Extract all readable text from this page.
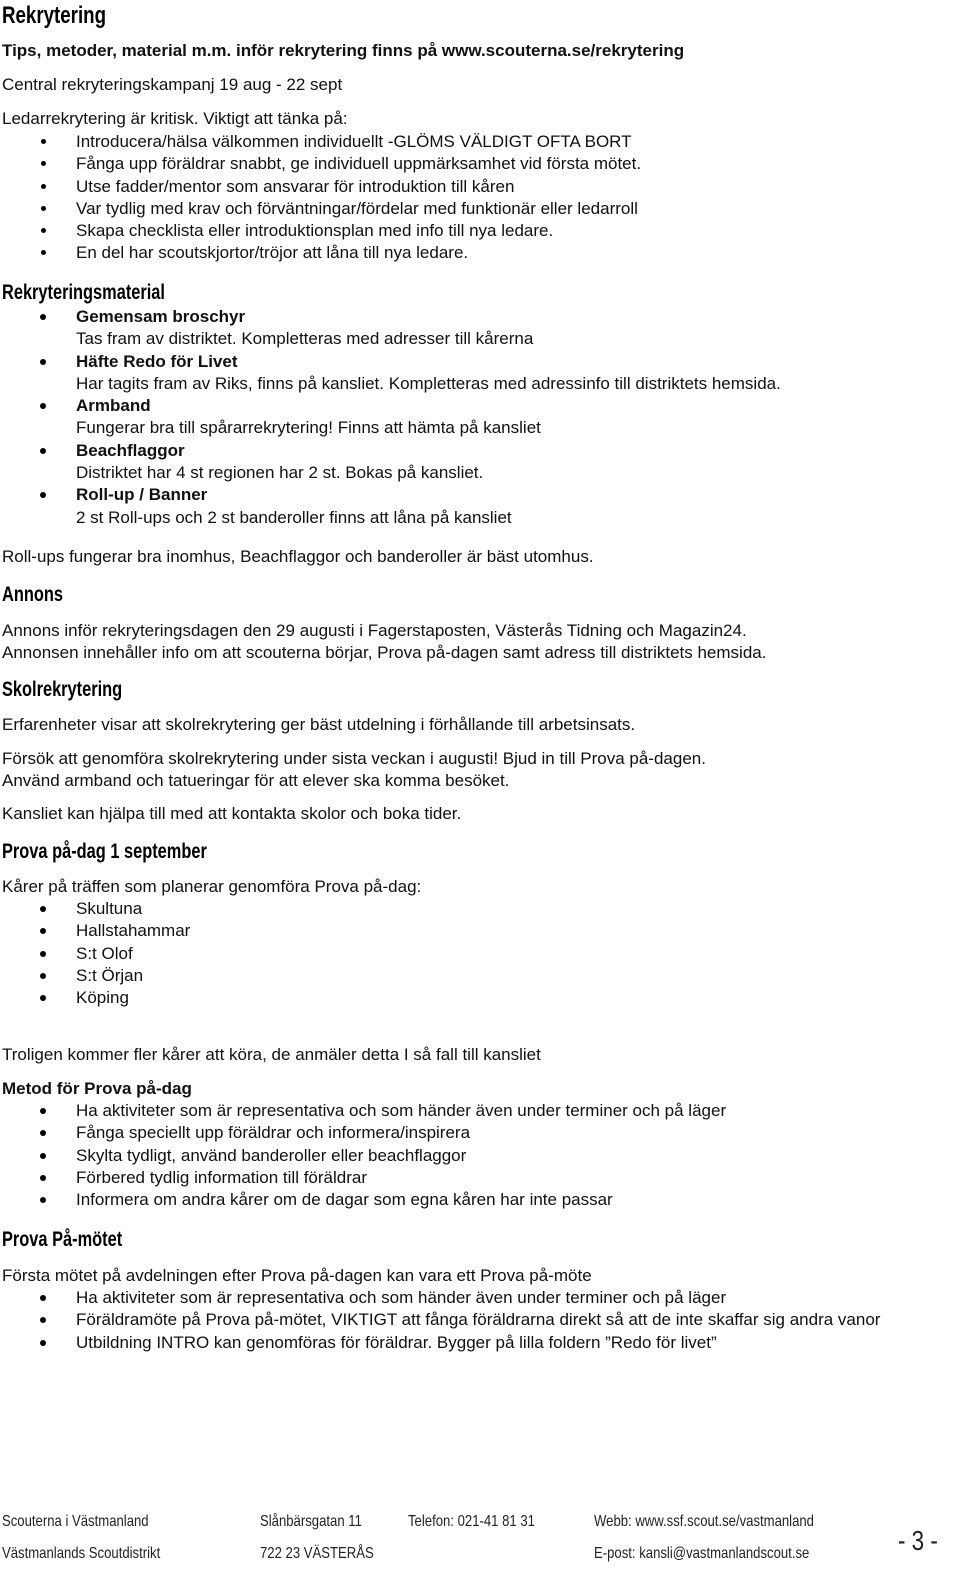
Rekrytering
Tips, metoder, material m.m. inför rekrytering finns på www.scouterna.se/rekrytering
Central rekryteringskampanj 19 aug - 22 sept
Ledarrekrytering är kritisk. Viktigt att tänka på:
Introducera/hälsa välkommen individuellt -GLÖMS VÄLDIGT OFTA BORT
Fånga upp föräldrar snabbt, ge individuell uppmärksamhet vid första mötet.
Utse fadder/mentor som ansvarar för introduktion till kåren
Var tydlig med krav och förväntningar/fördelar med funktionär eller ledarroll
Skapa checklista eller introduktionsplan med info till nya ledare.
En del har scoutskjortor/tröjor att låna till nya ledare.
Rekryteringsmaterial
Gemensam broschyr
Tas fram av distriktet. Kompletteras med adresser till kårerna
Häfte Redo för Livet
Har tagits fram av Riks, finns på kansliet. Kompletteras med adressinfo till distriktets hemsida.
Armband
Fungerar bra till spårarrekrytering! Finns att hämta på kansliet
Beachflaggor
Distriktet har 4 st regionen har 2 st. Bokas på kansliet.
Roll-up / Banner
2 st Roll-ups och 2 st banderoller finns att låna på kansliet
Roll-ups fungerar bra inomhus, Beachflaggor och banderoller är bäst utomhus.
Annons
Annons inför rekryteringsdagen den 29 augusti i Fagerstaposten, Västerås Tidning och Magazin24.
Annonsen innehåller info om att scouterna börjar, Prova på-dagen samt adress till distriktets hemsida.
Skolrekrytering
Erfarenheter visar att skolrekrytering ger bäst utdelning i förhållande till arbetsinsats.
Försök att genomföra skolrekrytering under sista veckan i augusti! Bjud in till Prova på-dagen.
Använd armband och tatueringar för att elever ska komma besöket.
Kansliet kan hjälpa till med att kontakta skolor och boka tider.
Prova på-dag 1 september
Kårer på träffen som planerar genomföra Prova på-dag:
Skultuna
Hallstahammar
S:t Olof
S:t Örjan
Köping
Troligen kommer fler kårer att köra, de anmäler detta I så fall till kansliet
Metod för Prova på-dag
Ha aktiviteter som är representativa och som händer även under terminer och på läger
Fånga speciellt upp föräldrar och informera/inspirera
Skylta tydligt, använd banderoller eller beachflaggor
Förbered tydlig information till föräldrar
Informera om andra kårer om de dagar som egna kåren har inte passar
Prova På-mötet
Första mötet på avdelningen efter Prova på-dagen kan vara ett Prova på-möte
Ha aktiviteter som är representativa och som händer även under terminer och på läger
Föräldramöte på Prova på-mötet, VIKTIGT att fånga föräldrarna direkt så att de inte skaffar sig andra vanor
Utbildning INTRO kan genomföras för föräldrar. Bygger på lilla foldern ”Redo för livet”
Scouterna i Västmanland
Västmanlands Scoutdistrikt
Slånbärsgatan 11
722 23 VÄSTERÅS
Telefon: 021-41 81 31	Webb: www.ssf.scout.se/vastmanland
E-post: kansli@vastmanlandscout.se	- 3 -
